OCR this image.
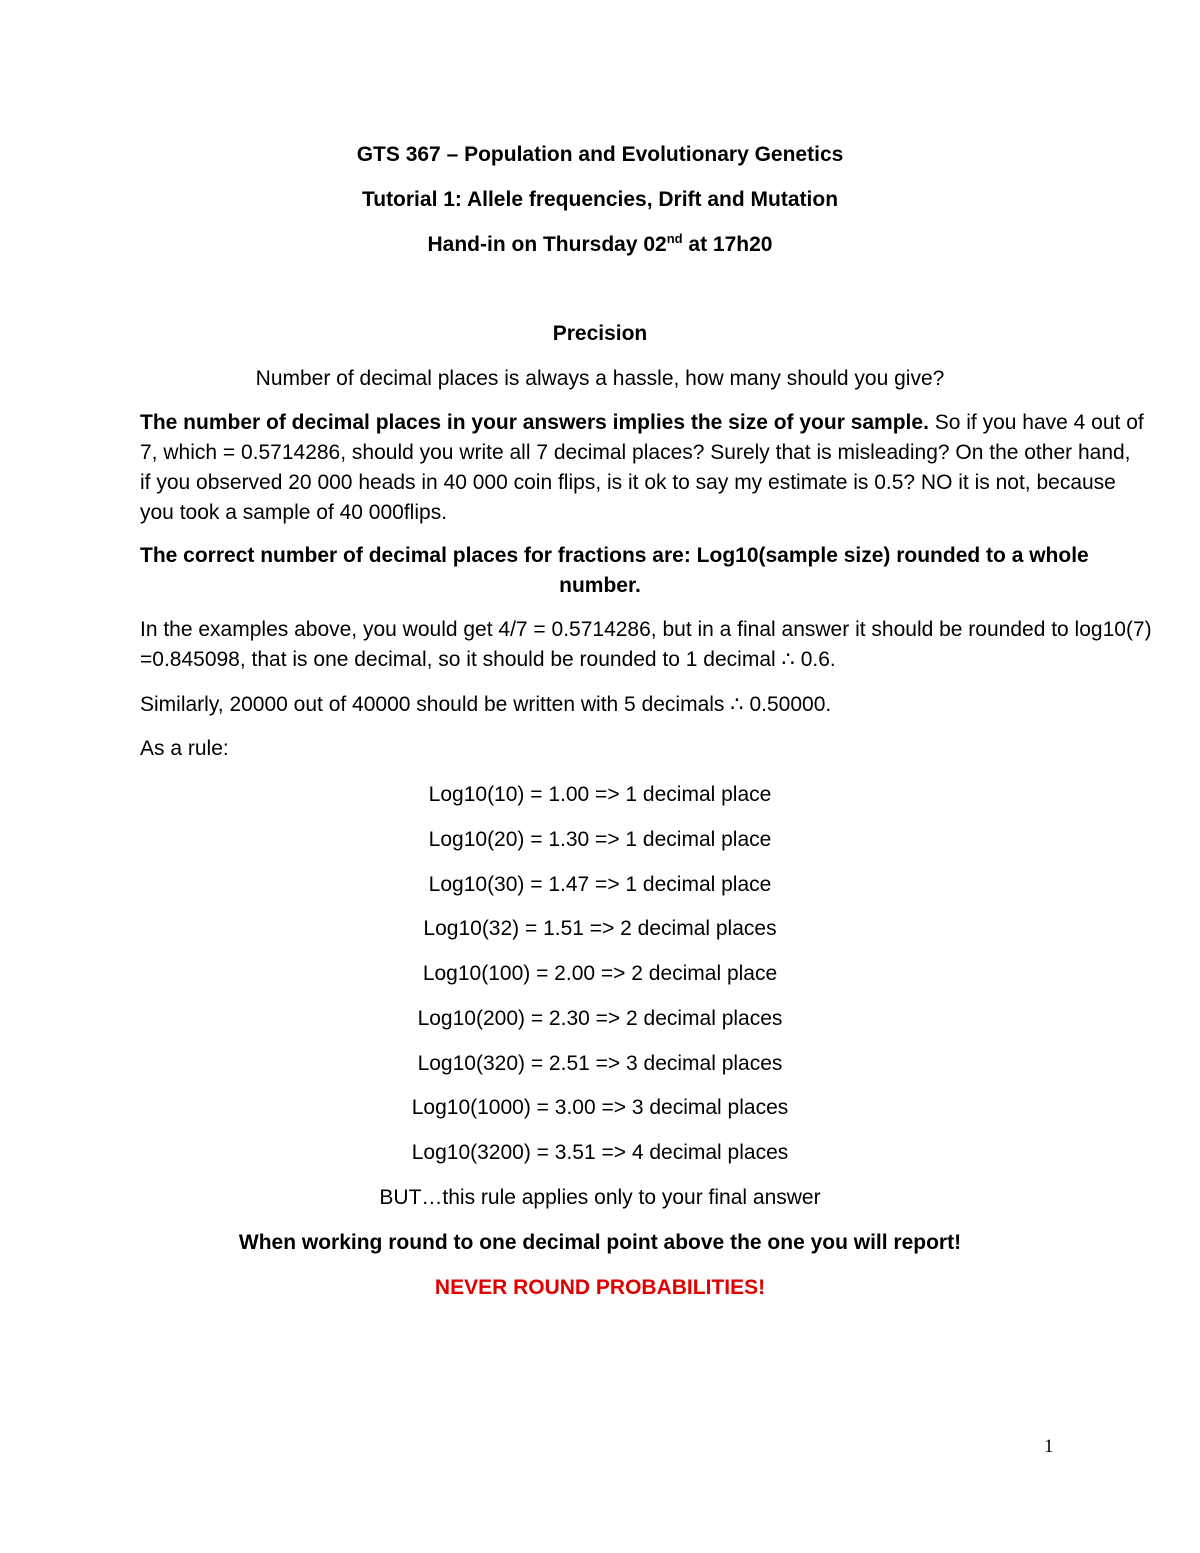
GTS 367 – Population and Evolutionary Genetics
Tutorial 1: Allele frequencies, Drift and Mutation
Hand-in on Thursday 02nd at 17h20
Precision
Number of decimal places is always a hassle, how many should you give?
The number of decimal places in your answers implies the size of your sample. So if you have 4 out of
7, which = 0.5714286, should you write all 7 decimal places? Surely that is misleading? On the other hand,
if you observed 20 000 heads in 40 000 coin flips, is it ok to say my estimate is 0.5? NO it is not, because
you took a sample of 40 000flips.
The correct number of decimal places for fractions are: Log10(sample size) rounded to a whole
number.
In the examples above, you would get 4/7 = 0.5714286, but in a final answer it should be rounded to log10(7)
=0.845098, that is one decimal, so it should be rounded to 1 decimal ∴ 0.6.
Similarly, 20000 out of 40000 should be written with 5 decimals ∴ 0.50000.
As a rule:
Log10(10) = 1.00 => 1 decimal place
Log10(20) = 1.30 => 1 decimal place
Log10(30) = 1.47 => 1 decimal place
Log10(32) = 1.51 => 2 decimal places
Log10(100) = 2.00 => 2 decimal place
Log10(200) = 2.30 => 2 decimal places
Log10(320) = 2.51 => 3 decimal places
Log10(1000) = 3.00 => 3 decimal places
Log10(3200) = 3.51 => 4 decimal places
BUT…this rule applies only to your final answer
When working round to one decimal point above the one you will report!
NEVER ROUND PROBABILITIES!
1
